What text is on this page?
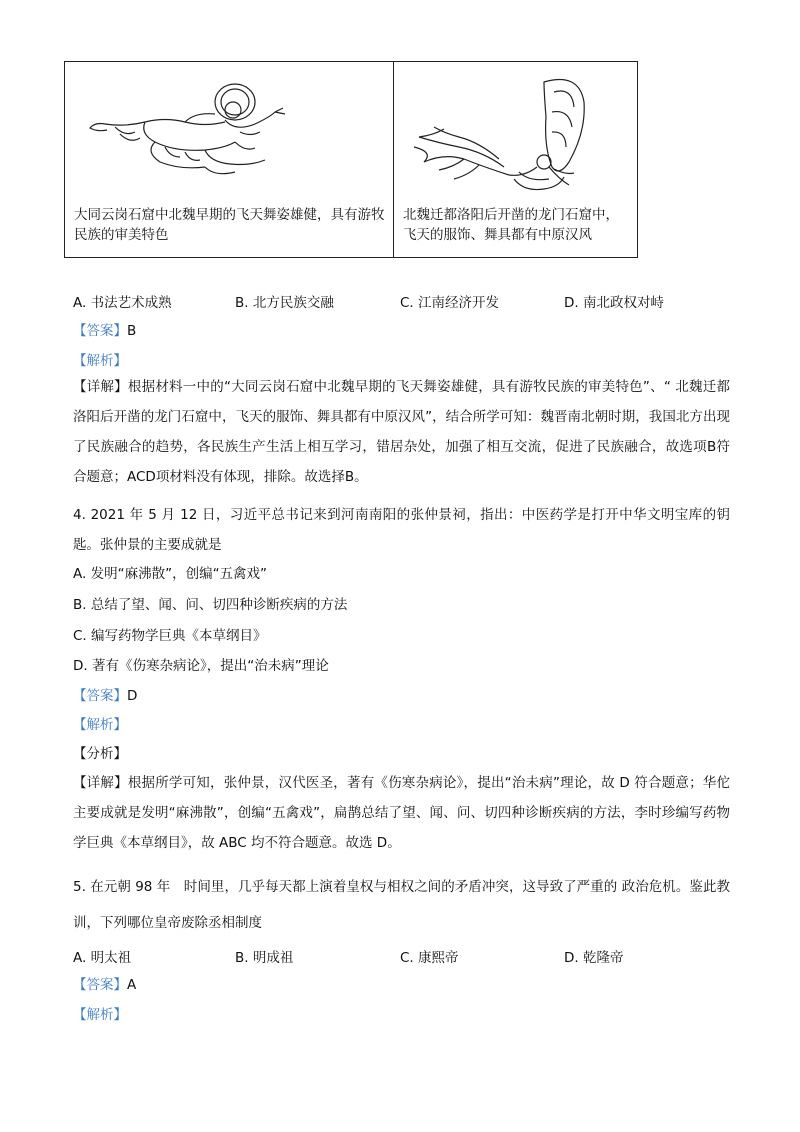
大同云岗石窟中北魏早期的飞天舞姿雄健，具有游牧民族的审美特色
北魏迁都洛阳后开凿的龙门石窟中，飞天的服饰、舞具都有中原汉风
A. 书法艺术成熟	B. 北方民族交融	C. 江南经济开发	D. 南北政权对峙
【答案】B
【解析】
【详解】根据材料一中的“大同云岗石窟中北魏早期的飞天舞姿雄健，具有游牧民族的审美特色”、“ 北魏迁都洛阳后开凿的龙门石窟中，飞天的服饰、舞具都有中原汉风”，结合所学可知：魏晋南北朝时期，我国北方出现了民族融合的趋势，各民族生产生活上相互学习，错居杂处，加强了相互交流，促进了民族融合，故选项B符合题意；ACD项材料没有体现，排除。故选择B。
4. 2021 年 5 月 12 日，习近平总书记来到河南南阳的张仲景祠，指出：中医药学是打开中华文明宝库的钥匙。张仲景的主要成就是
A. 发明“麻沸散”，创编“五禽戏”
B. 总结了望、闻、问、切四种诊断疾病的方法
C. 编写药物学巨典《本草纲目》
D. 著有《伤寒杂病论》，提出“治未病”理论
【答案】D
【解析】
【分析】
【详解】根据所学可知，张仲景，汉代医圣，著有《伤寒杂病论》，提出“治未病”理论，故 D 符合题意；华佗主要成就是发明“麻沸散”，创编“五禽戏”，扁鹊总结了望、闻、问、切四种诊断疾病的方法，李时珍编写药物学巨典《本草纲目》，故 ABC 均不符合题意。故选 D。
5. 在元朝 98 年　时间里，几乎每天都上演着皇权与相权之间的矛盾冲突，这导致了严重的 政治危机。鉴此教训，下列哪位皇帝废除丞相制度
A. 明太祖	B. 明成祖	C. 康熙帝	D. 乾隆帝
【答案】A
【解析】
